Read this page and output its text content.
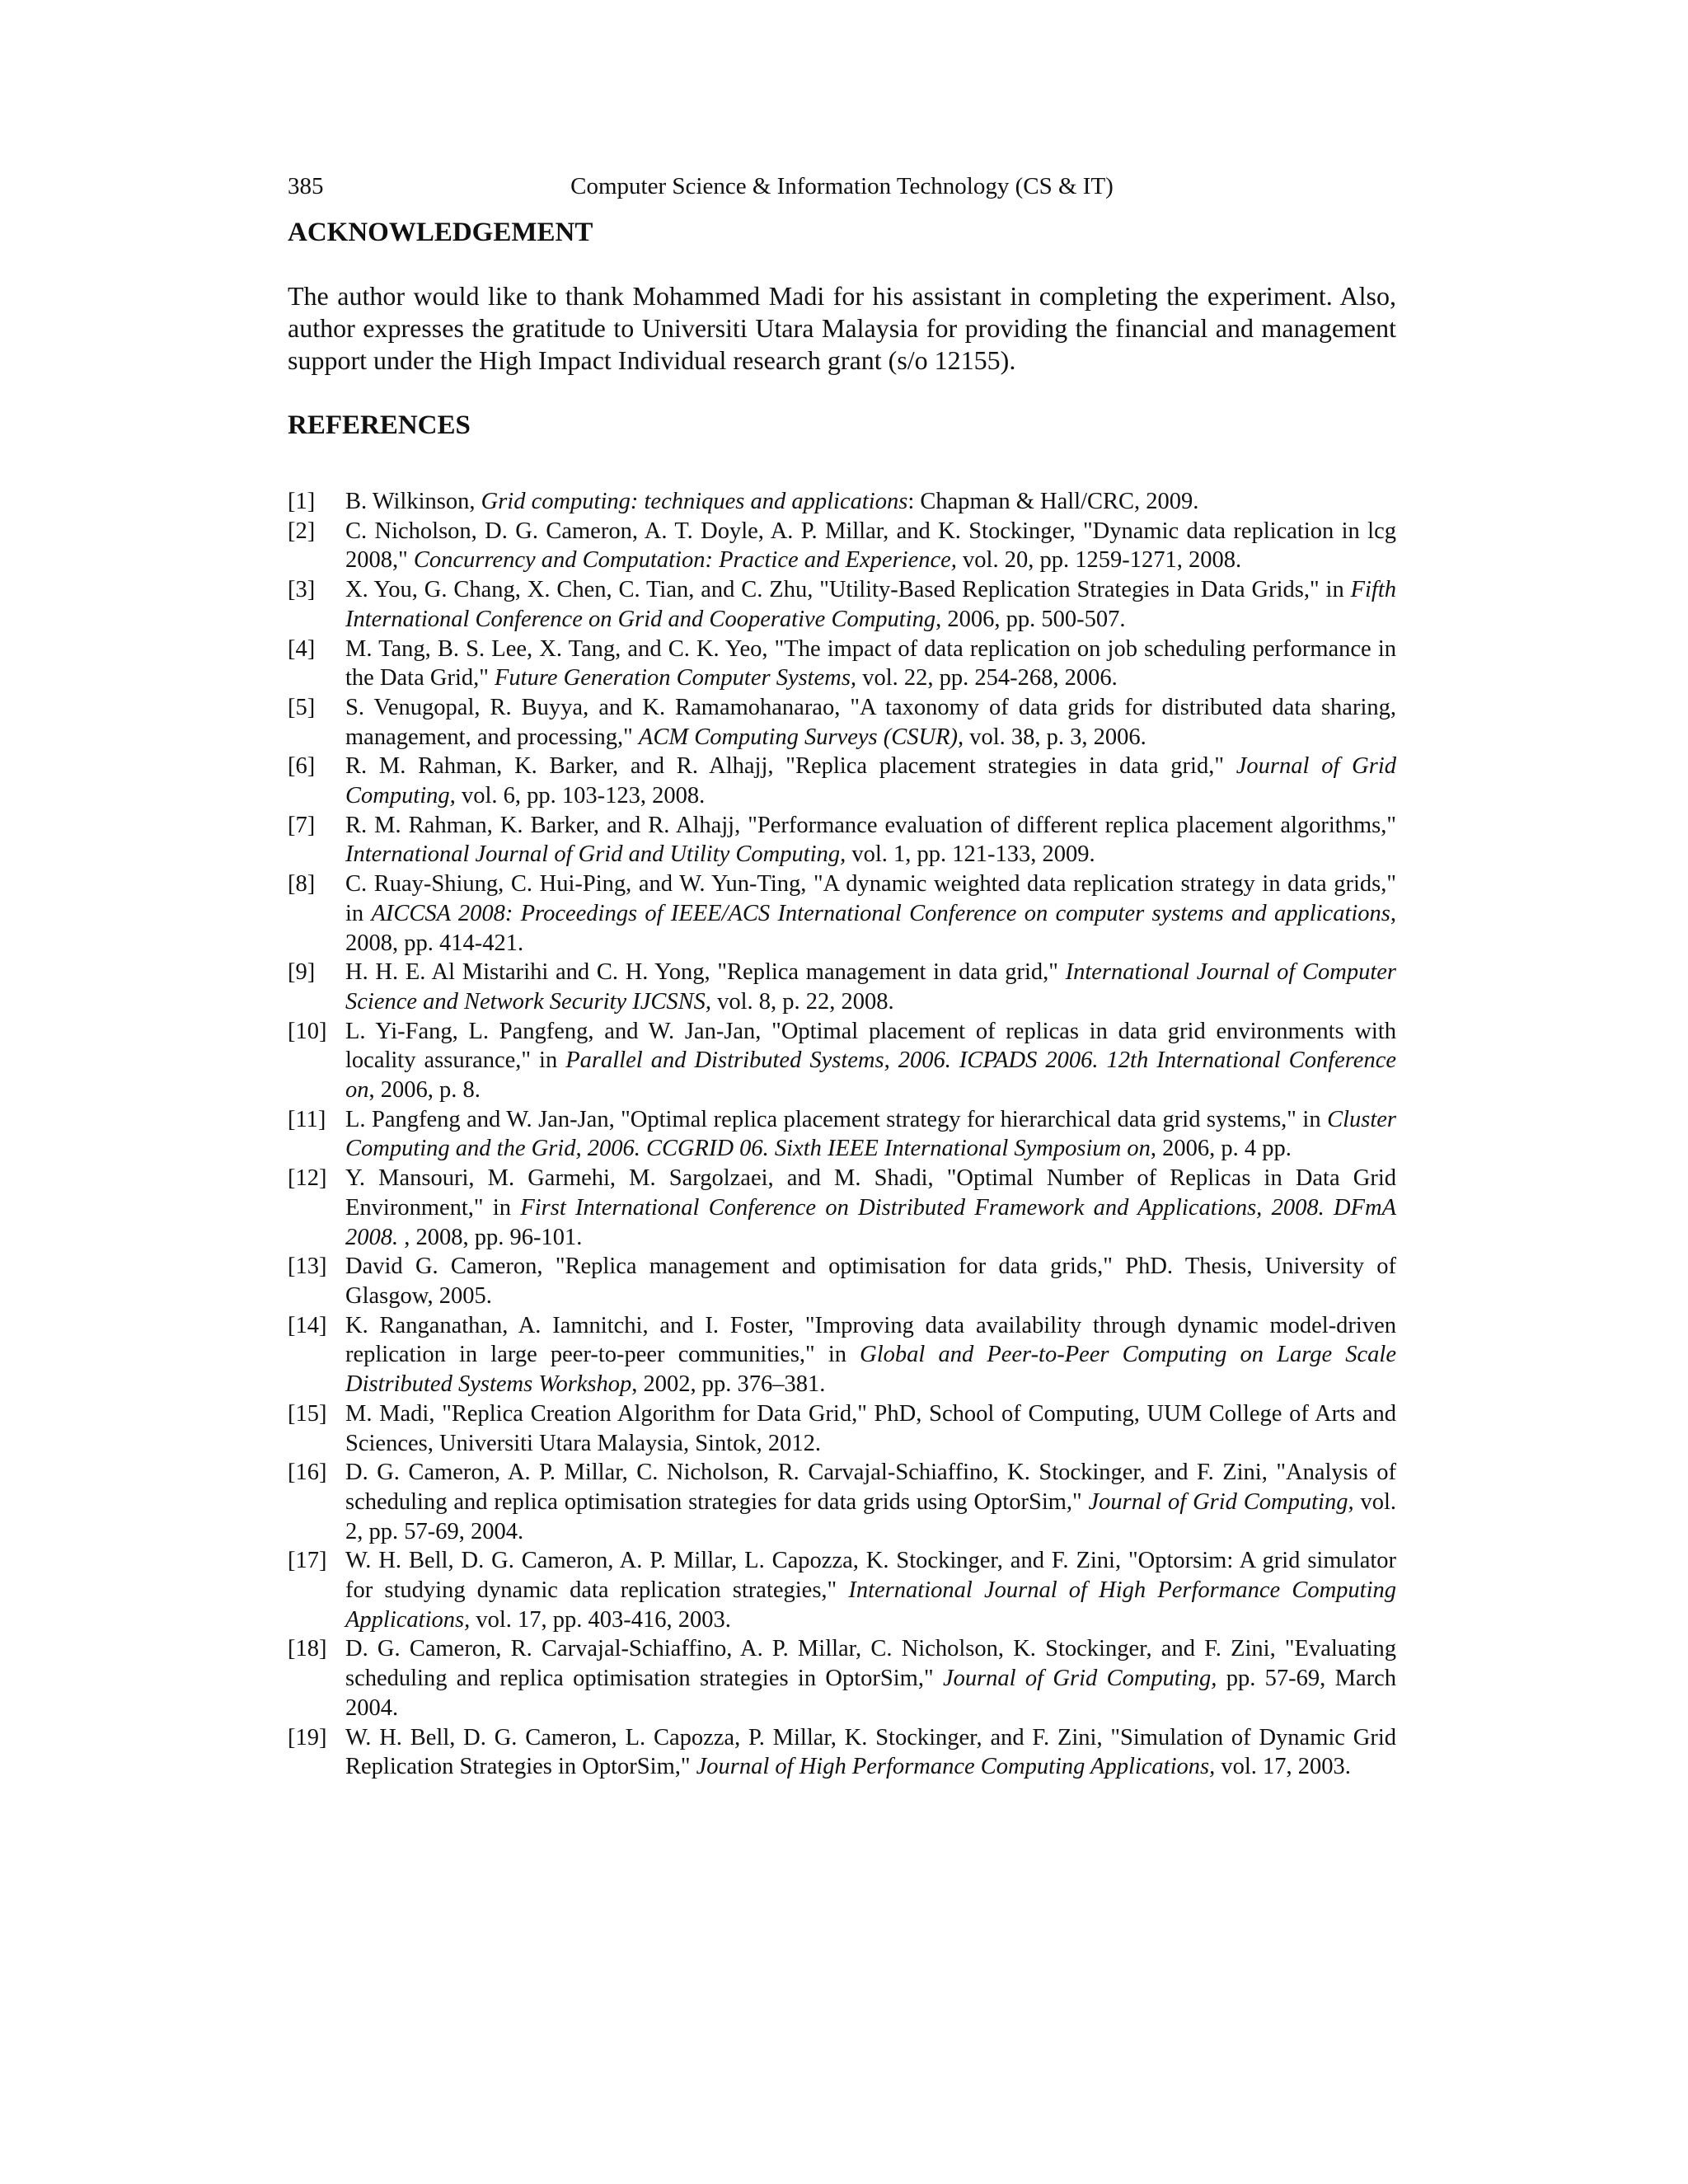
385	Computer Science & Information Technology (CS & IT)
ACKNOWLEDGEMENT

The author would like to thank Mohammed Madi for his assistant in completing the experiment. Also, author expresses the gratitude to Universiti Utara Malaysia for providing the financial and management support under the High Impact Individual research grant (s/o 12155).

REFERENCES
[1] B. Wilkinson, Grid computing: techniques and applications: Chapman & Hall/CRC, 2009.
[2] C. Nicholson, D. G. Cameron, A. T. Doyle, A. P. Millar, and K. Stockinger, "Dynamic data replication in lcg 2008," Concurrency and Computation: Practice and Experience, vol. 20, pp. 1259-1271, 2008.
[3] X. You, G. Chang, X. Chen, C. Tian, and C. Zhu, "Utility-Based Replication Strategies in Data Grids," in Fifth International Conference on Grid and Cooperative Computing, 2006, pp. 500-507.
[4] M. Tang, B. S. Lee, X. Tang, and C. K. Yeo, "The impact of data replication on job scheduling performance in the Data Grid," Future Generation Computer Systems, vol. 22, pp. 254-268, 2006.
[5] S. Venugopal, R. Buyya, and K. Ramamohanarao, "A taxonomy of data grids for distributed data sharing, management, and processing," ACM Computing Surveys (CSUR), vol. 38, p. 3, 2006.
[6] R. M. Rahman, K. Barker, and R. Alhajj, "Replica placement strategies in data grid," Journal of Grid Computing, vol. 6, pp. 103-123, 2008.
[7] R. M. Rahman, K. Barker, and R. Alhajj, "Performance evaluation of different replica placement algorithms," International Journal of Grid and Utility Computing, vol. 1, pp. 121-133, 2009.
[8] C. Ruay-Shiung, C. Hui-Ping, and W. Yun-Ting, "A dynamic weighted data replication strategy in data grids," in AICCSA 2008: Proceedings of IEEE/ACS International Conference on computer systems and applications, 2008, pp. 414-421.
[9] H. H. E. Al Mistarihi and C. H. Yong, "Replica management in data grid," International Journal of Computer Science and Network Security IJCSNS, vol. 8, p. 22, 2008.
[10] L. Yi-Fang, L. Pangfeng, and W. Jan-Jan, "Optimal placement of replicas in data grid environments with locality assurance," in Parallel and Distributed Systems, 2006. ICPADS 2006. 12th International Conference on, 2006, p. 8.
[11] L. Pangfeng and W. Jan-Jan, "Optimal replica placement strategy for hierarchical data grid systems," in Cluster Computing and the Grid, 2006. CCGRID 06. Sixth IEEE International Symposium on, 2006, p. 4 pp.
[12] Y. Mansouri, M. Garmehi, M. Sargolzaei, and M. Shadi, "Optimal Number of Replicas in Data Grid Environment," in First International Conference on Distributed Framework and Applications, 2008. DFmA 2008. , 2008, pp. 96-101.
[13] David G. Cameron, "Replica management and optimisation for data grids," PhD. Thesis, University of Glasgow, 2005.
[14] K. Ranganathan, A. Iamnitchi, and I. Foster, "Improving data availability through dynamic model-driven replication in large peer-to-peer communities," in Global and Peer-to-Peer Computing on Large Scale Distributed Systems Workshop, 2002, pp. 376–381.
[15] M. Madi, "Replica Creation Algorithm for Data Grid," PhD, School of Computing, UUM College of Arts and Sciences, Universiti Utara Malaysia, Sintok, 2012.
[16] D. G. Cameron, A. P. Millar, C. Nicholson, R. Carvajal-Schiaffino, K. Stockinger, and F. Zini, "Analysis of scheduling and replica optimisation strategies for data grids using OptorSim," Journal of Grid Computing, vol. 2, pp. 57-69, 2004.
[17] W. H. Bell, D. G. Cameron, A. P. Millar, L. Capozza, K. Stockinger, and F. Zini, "Optorsim: A grid simulator for studying dynamic data replication strategies," International Journal of High Performance Computing Applications, vol. 17, pp. 403-416, 2003.
[18] D. G. Cameron, R. Carvajal-Schiaffino, A. P. Millar, C. Nicholson, K. Stockinger, and F. Zini, "Evaluating scheduling and replica optimisation strategies in OptorSim," Journal of Grid Computing, pp. 57-69, March 2004.
[19] W. H. Bell, D. G. Cameron, L. Capozza, P. Millar, K. Stockinger, and F. Zini, "Simulation of Dynamic Grid Replication Strategies in OptorSim," Journal of High Performance Computing Applications, vol. 17, 2003.
